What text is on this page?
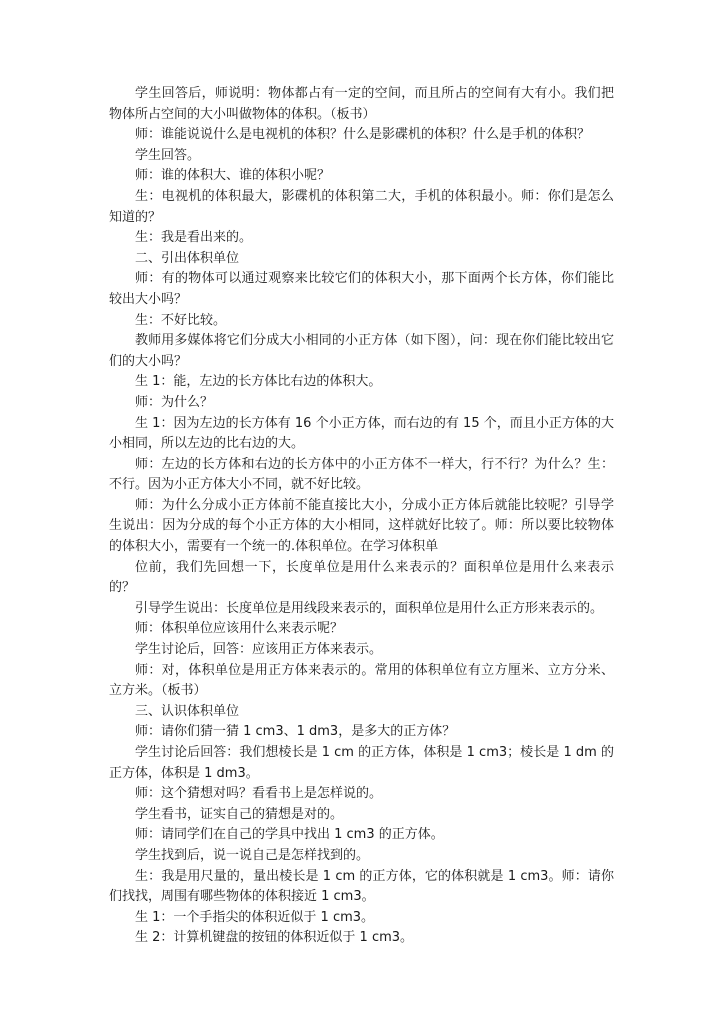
学生回答后，师说明：物体都占有一定的空间，而且所占的空间有大有小。我们把物体所占空间的大小叫做物体的体积。（板书）

师：谁能说说什么是电视机的体积？什么是影碟机的体积？什么是手机的体积？

学生回答。

师：谁的体积大、谁的体积小呢？

生：电视机的体积最大，影碟机的体积第二大，手机的体积最小。师：你们是怎么知道的？

生：我是看出来的。

二、引出体积单位

师：有的物体可以通过观察来比较它们的体积大小，那下面两个长方体，你们能比较出大小吗？

生：不好比较。

教师用多媒体将它们分成大小相同的小正方体（如下图），问：现在你们能比较出它们的大小吗？

生 1：能，左边的长方体比右边的体积大。

师：为什么？

生 1：因为左边的长方体有 16 个小正方体，而右边的有 15 个，而且小正方体的大小相同，所以左边的比右边的大。

师：左边的长方体和右边的长方体中的小正方体不一样大，行不行？为什么？生：不行。因为小正方体大小不同，就不好比较。

师：为什么分成小正方体前不能直接比大小，分成小正方体后就能比较呢？引导学生说出：因为分成的每个小正方体的大小相同，这样就好比较了。师：所以要比较物体的体积大小，需要有一个统一的.体积单位。在学习体积单

位前，我们先回想一下，长度单位是用什么来表示的？面积单位是用什么来表示的？

引导学生说出：长度单位是用线段来表示的，面积单位是用什么正方形来表示的。

师：体积单位应该用什么来表示呢？

学生讨论后，回答：应该用正方体来表示。

师：对，体积单位是用正方体来表示的。常用的体积单位有立方厘米、立方分米、立方米。（板书）

三、认识体积单位

师：请你们猜一猜 1 cm3、1 dm3，是多大的正方体？

学生讨论后回答：我们想棱长是 1 cm 的正方体，体积是 1 cm3；棱长是 1 dm 的正方体，体积是 1 dm3。

师：这个猜想对吗？看看书上是怎样说的。

学生看书，证实自己的猜想是对的。

师：请同学们在自己的学具中找出 1 cm3 的正方体。

学生找到后，说一说自己是怎样找到的。

生：我是用尺量的，量出棱长是 1 cm 的正方体，它的体积就是 1 cm3。师：请你们找找，周围有哪些物体的体积接近 1 cm3。

生 1：一个手指尖的体积近似于 1 cm3。

生 2：计算机键盘的按钮的体积近似于 1 cm3。
